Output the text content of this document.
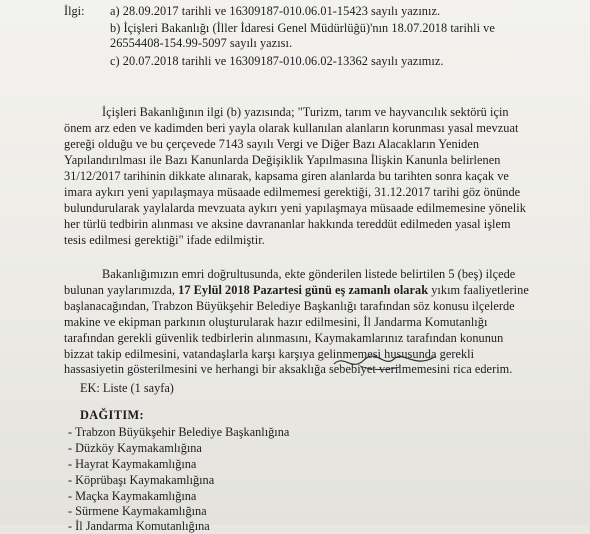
İlgi: a) 28.09.2017 tarihli ve 16309187-010.06.01-15423 sayılı yazınız.
b) İçişleri Bakanlığı (İller İdaresi Genel Müdürlüğü)'nın 18.07.2018 tarihli ve
26554408-154.99-5097 sayılı yazısı.
c) 20.07.2018 tarihli ve 16309187-010.06.02-13362 sayılı yazımız.
İçişleri Bakanlığının ilgi (b) yazısında; "Turizm, tarım ve hayvancılık sektörü için
önem arz eden ve kadimden beri yayla olarak kullanılan alanların korunması yasal mevzuat
gereği olduğu ve bu çerçevede 7143 sayılı Vergi ve Diğer Bazı Alacakların Yeniden
Yapılandırılması ile Bazı Kanunlarda Değişiklik Yapılmasına İlişkin Kanunla belirlenen
31/12/2017 tarihinin dikkate alınarak, kapsama giren alanlarda bu tarihten sonra kaçak ve
imara aykırı yeni yapılaşmaya müsaade edilmemesi gerektiği, 31.12.2017 tarihi göz önünde
bulundurularak yaylalarda mevzuata aykırı yeni yapılaşmaya müsaade edilmemesine yönelik
her türlü tedbirin alınması ve aksine davrananlar hakkında tereddüt edilmeden yasal işlem
tesis edilmesi gerektiği" ifade edilmiştir.
Bakanlığımızın emri doğrultusunda, ekte gönderilen listede belirtilen 5 (beş) ilçede
bulunan yaylarımızda, 17 Eylül 2018 Pazartesi günü eş zamanlı olarak yıkım faaliyetlerine
başlanacağından, Trabzon Büyükşehir Belediye Başkanlığı tarafından söz konusu ilçelerde
makine ve ekipman parkının oluşturularak hazır edilmesini, İl Jandarma Komutanlığı
tarafından gerekli güvenlik tedbirlerin alınmasını, Kaymakamlarınız tarafından konunun
bizzat takip edilmesini, vatandaşlarla karşı karşıya gelinmemesi hususunda gerekli
hassasiyetin gösterilmesini ve herhangi bir aksaklığa sebebiyet verilmemesini rica ederim.
EK: Liste (1 sayfa)
DAĞITIM:
- Trabzon Büyükşehir Belediye Başkanlığına
- Düzköy Kaymakamlığına
- Hayrat Kaymakamlığına
- Köprübaşı Kaymakamlığına
- Maçka Kaymakamlığına
- Sürmene Kaymakamlığına
- İl Jandarma Komutanlığına
